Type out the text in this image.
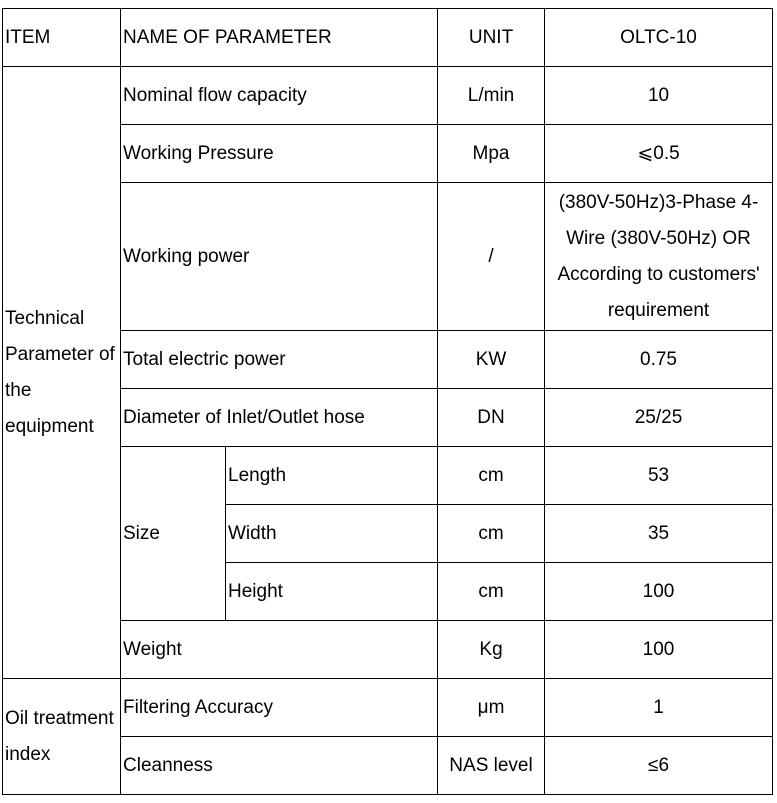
ITEM	NAME OF PARAMETER		UNIT	OLTC-10
Technical Parameter of the equipment	Nominal flow capacity		L/min	10
	Working Pressure		Mpa	⩽0.5
	Working power		/	(380V-50Hz)3-Phase 4-Wire (380V-50Hz) OR According to customers' requirement
	Total electric power		KW	0.75
	Diameter of Inlet/Outlet hose		DN	25/25
	Size	Length	cm	53
		Width	cm	35
		Height	cm	100
	Weight		Kg	100
Oil treatment index	Filtering Accuracy		μm	1
	Cleanness		NAS level	≤6
